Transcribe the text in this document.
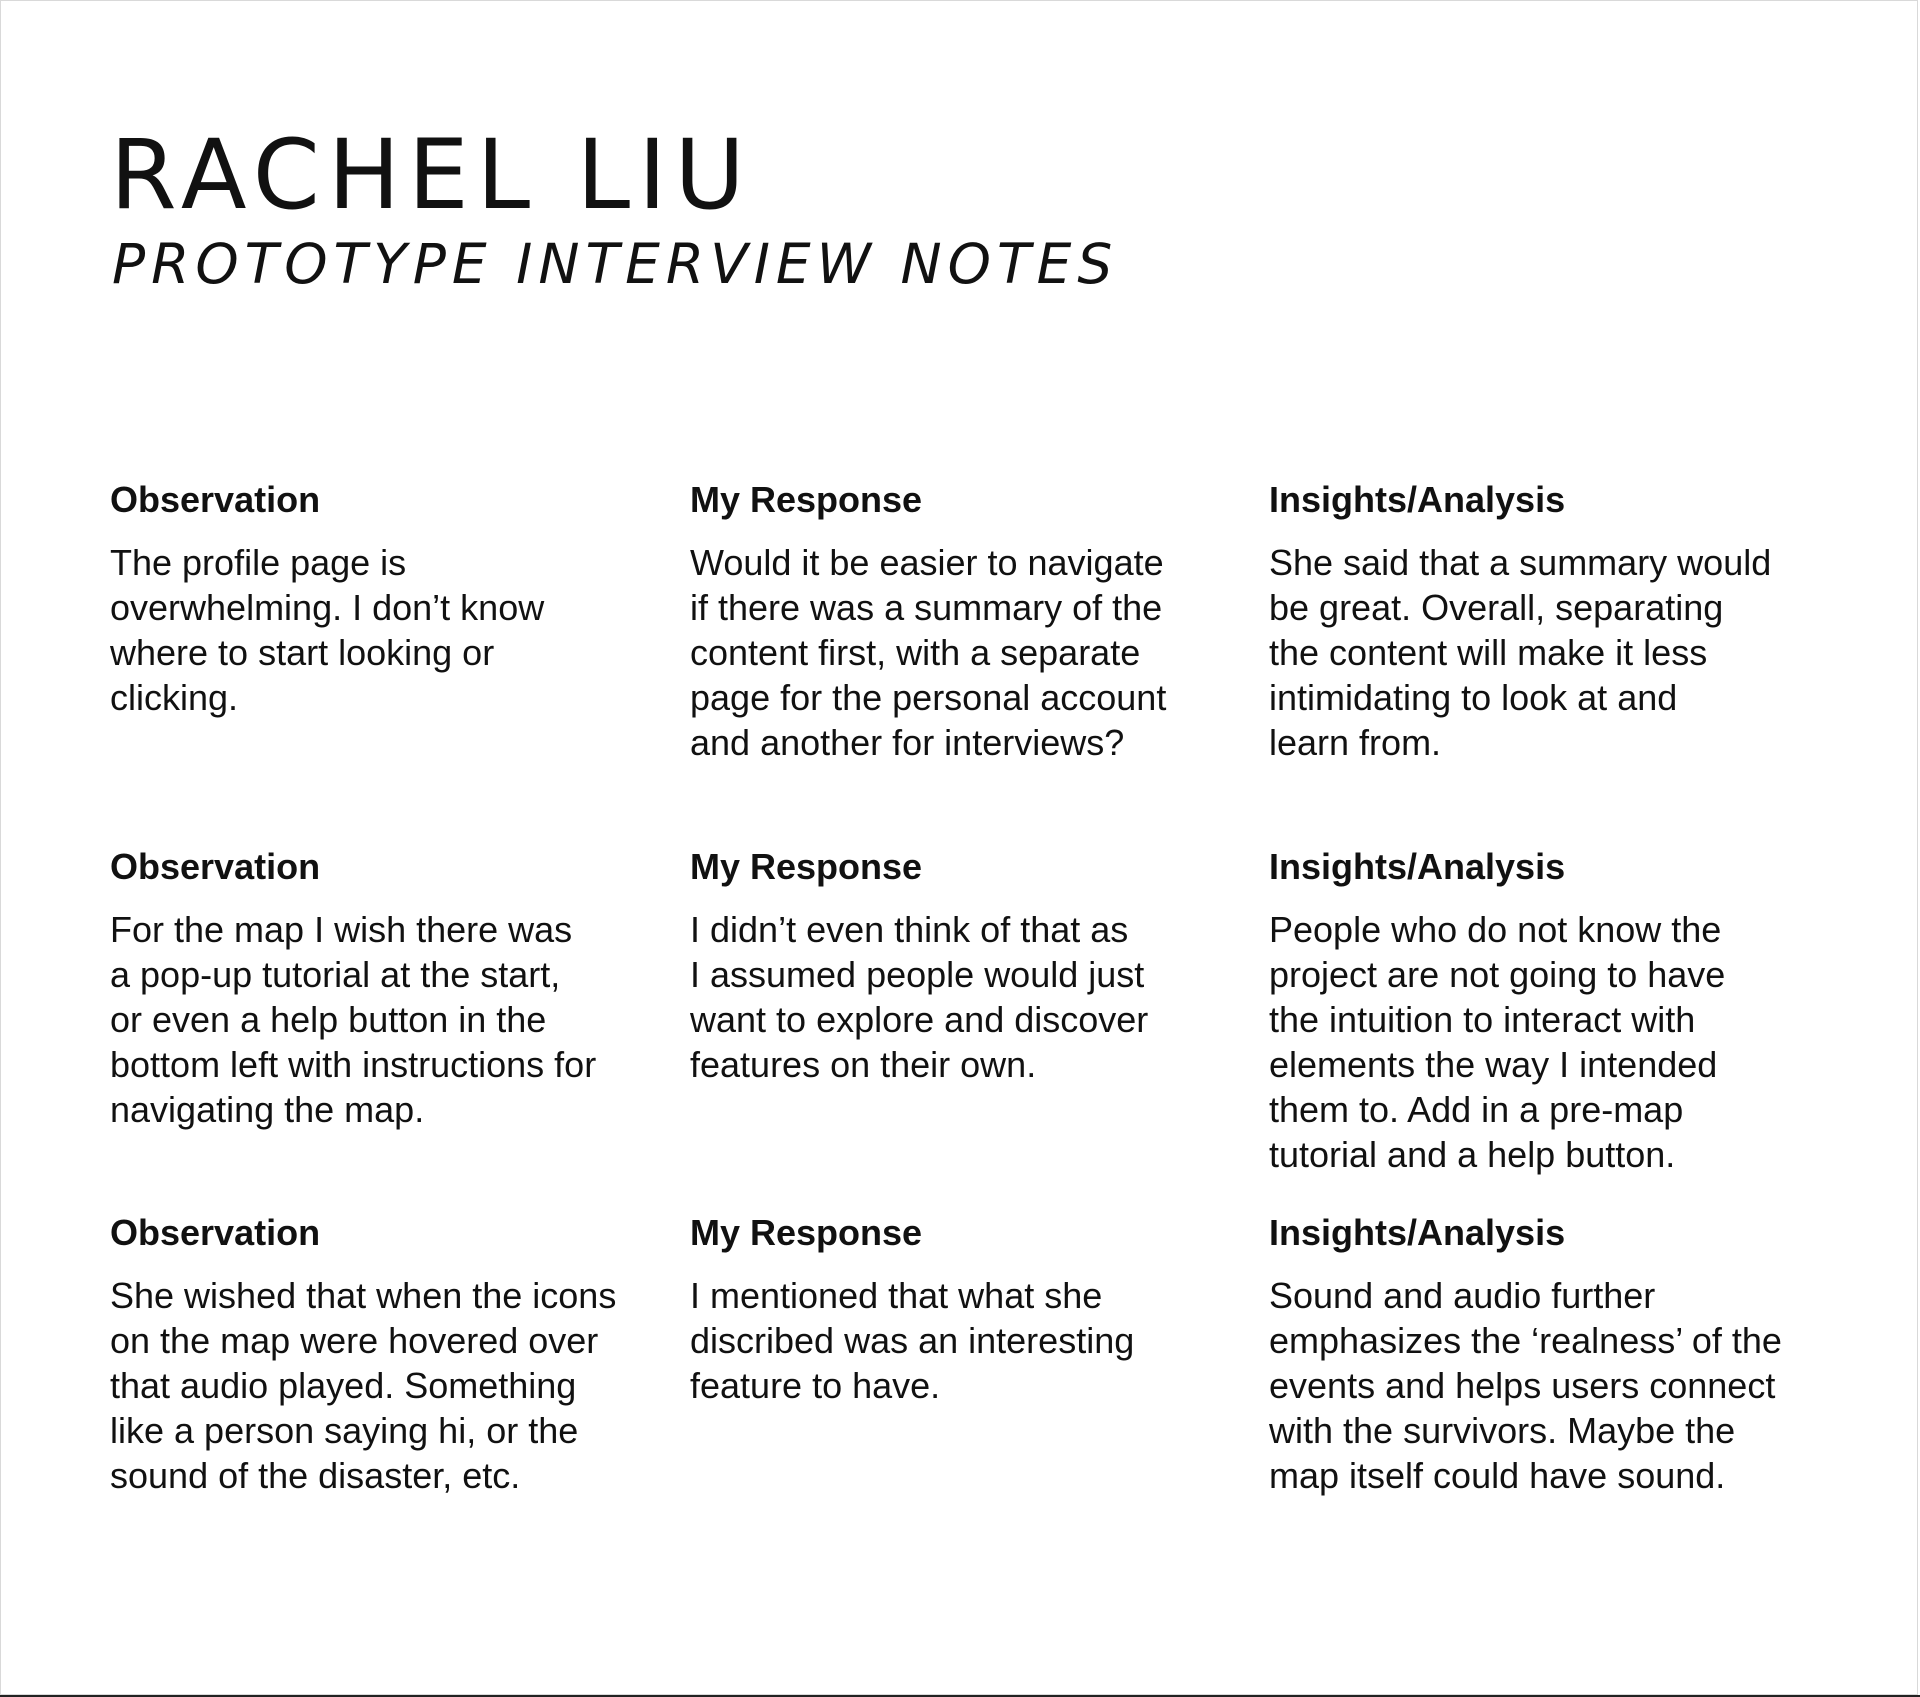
RACHEL LIU
PROTOTYPE INTERVIEW NOTES
Observation

The profile page is
overwhelming. I don’t know
where to start looking or
clicking.

My Response

Would it be easier to navigate
if there was a summary of the
content first, with a separate
page for the personal account
and another for interviews?

Insights/Analysis

She said that a summary would
be great. Overall, separating
the content will make it less
intimidating to look at and
learn from.

Observation

For the map I wish there was
a pop-up tutorial at the start,
or even a help button in the
bottom left with instructions for
navigating the map.

My Response

I didn’t even think of that as
I assumed people would just
want to explore and discover
features on their own.

Insights/Analysis

People who do not know the
project are not going to have
the intuition to interact with
elements the way I intended
them to. Add in a pre-map
tutorial and a help button.

Observation

She wished that when the icons
on the map were hovered over
that audio played. Something
like a person saying hi, or the
sound of the disaster, etc.

My Response

I mentioned that what she
discribed was an interesting
feature to have.

Insights/Analysis

Sound and audio further
emphasizes the ‘realness’ of the
events and helps users connect
with the survivors. Maybe the
map itself could have sound.
